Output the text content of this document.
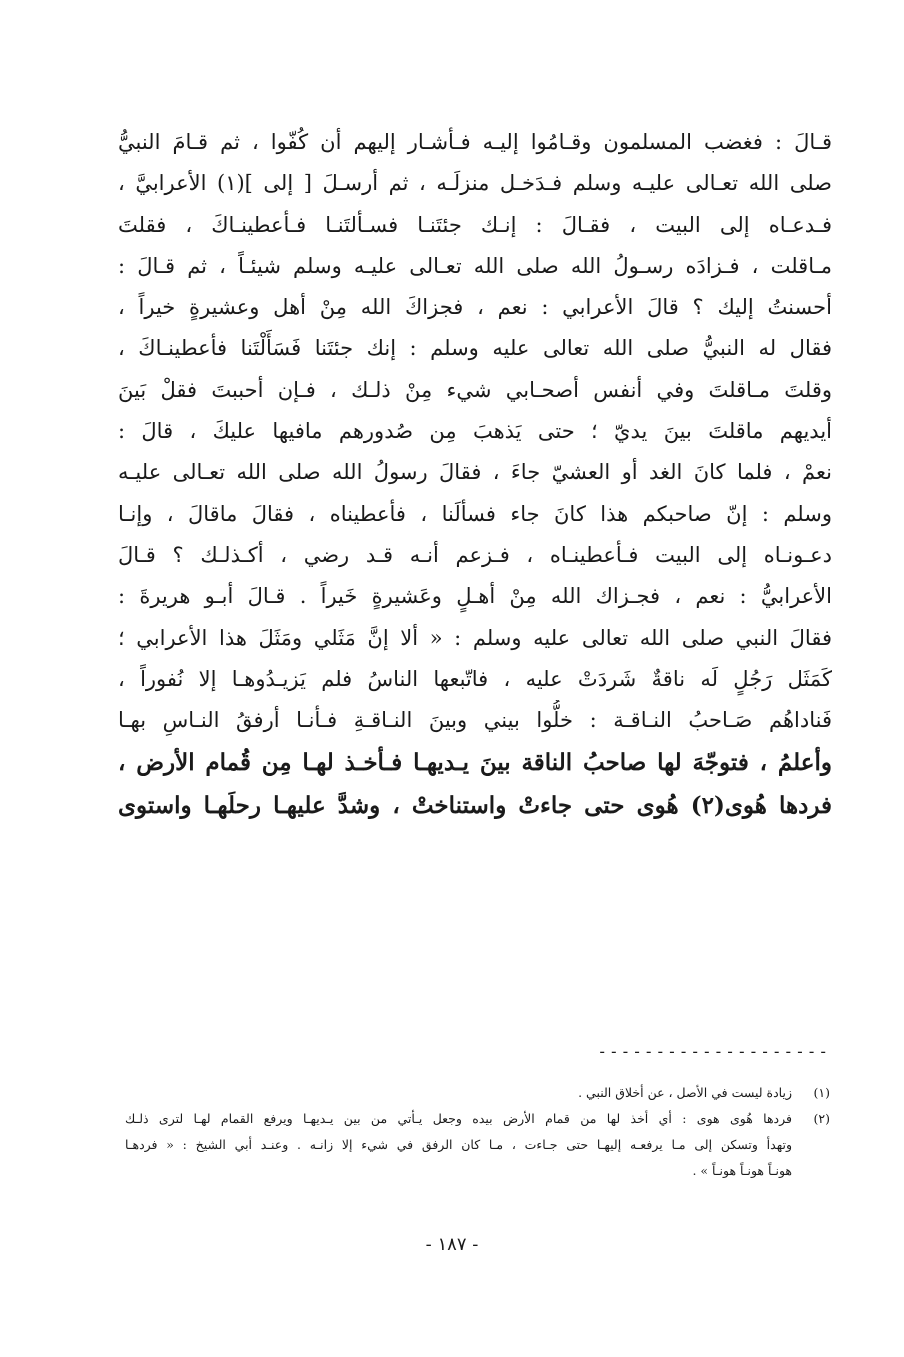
قـالَ : فغضب المسلمون وقـامُوا إليـه فـأشـار إليهم أن كُفّوا ، ثم قـامَ النبيُّ
صلى الله تعـالى عليـه وسلم فـدَخـل منزلَـه ، ثم أرسـلَ [ إلى ](١) الأعرابيَّ ،
فـدعـاه إلى البيت ، فقـالَ : إنـك جئتَنـا فسـألتَنـا فـأعطينـاكَ ، فقلتَ
مـاقلت ، فـزادَه رسـولُ الله صلى الله تعـالى عليـه وسلم شيئـاً ، ثم قـالَ :
أحسنتُ إليك ؟ قالَ الأعرابي : نعم ، فجزاكَ الله مِنْ أهل وعشيرةٍ خيراً ،
فقال له النبيُّ صلى الله تعالى عليه وسلم : إنك جئتَنا فَسَأَلْتَنا فأعطينـاكَ ،
وقلتَ مـاقلتَ وفي أنفس أصحـابي شيء مِنْ ذلـك ، فـإن أحببتَ فقلْ بَينَ
أيديهم ماقلتَ بينَ يديّ ؛ حتى يَذهبَ مِن صُدورهم مافيها عليكَ ، قالَ :
نعمْ ، فلما كانَ الغد أو العشيّ جاءَ ، فقالَ رسولُ الله صلى الله تعـالى عليـه
وسلم : إنّ صاحبكم هذا كانَ جاء فسألَنا ، فأعطيناه ، فقالَ ماقالَ ، وإنـا
دعـونـاه إلى البيت فـأعطينـاه ، فـزعم أنـه قـد رضي ، أكـذلـك ؟ قـالَ
الأعرابيُّ : نعم ، فجـزاك الله مِنْ أهـلٍ وعَشيرةٍ خَيراً . قـالَ أبـو هريرةَ :
فقالَ النبي صلى الله تعالى عليه وسلم : « ألا إنَّ مَثَلي ومَثَلَ هذا الأعرابي ؛
كَمَثَل رَجُلٍ لَه ناقةٌ شَردَتْ عليه ، فاتّبعها الناسُ فلم يَزيـدُوهـا إلا نُفوراً ،
فَناداهُم صَـاحبُ النـاقـة : خلُّوا بيني وبينَ النـاقـةِ فـأنـا أرفقُ النـاسِ بهـا
وأعلمُ ، فتوجّهَ لها صاحبُ الناقة بينَ يـديهـا فـأخـذ لهـا مِن قُمام الأرض ،
فردها هُوى(٢) هُوى حتى جاءتْ واستناختْ ، وشدَّ عليهـا رحلَهـا واستوى
--------------------
(١)
زيادة ليست في الأصل ، عن أخلاق النبي .
(٢)
فردها هُوى هوى : أي أخذ لها من قمام الأرض بيده وجعل يـأتي من بين يـديهـا ويرفع القمام لهـا لترى ذلـك
وتهدأ وتسكن إلى مـا يرفعـه إليهـا حتى جـاءت ، مـا كان الرفق في شيء إلا زانـه . وعنـد أبي الشيخ : « فردهـا
هونـاً هونـاً هونـاً » .
- ١٨٧ -
